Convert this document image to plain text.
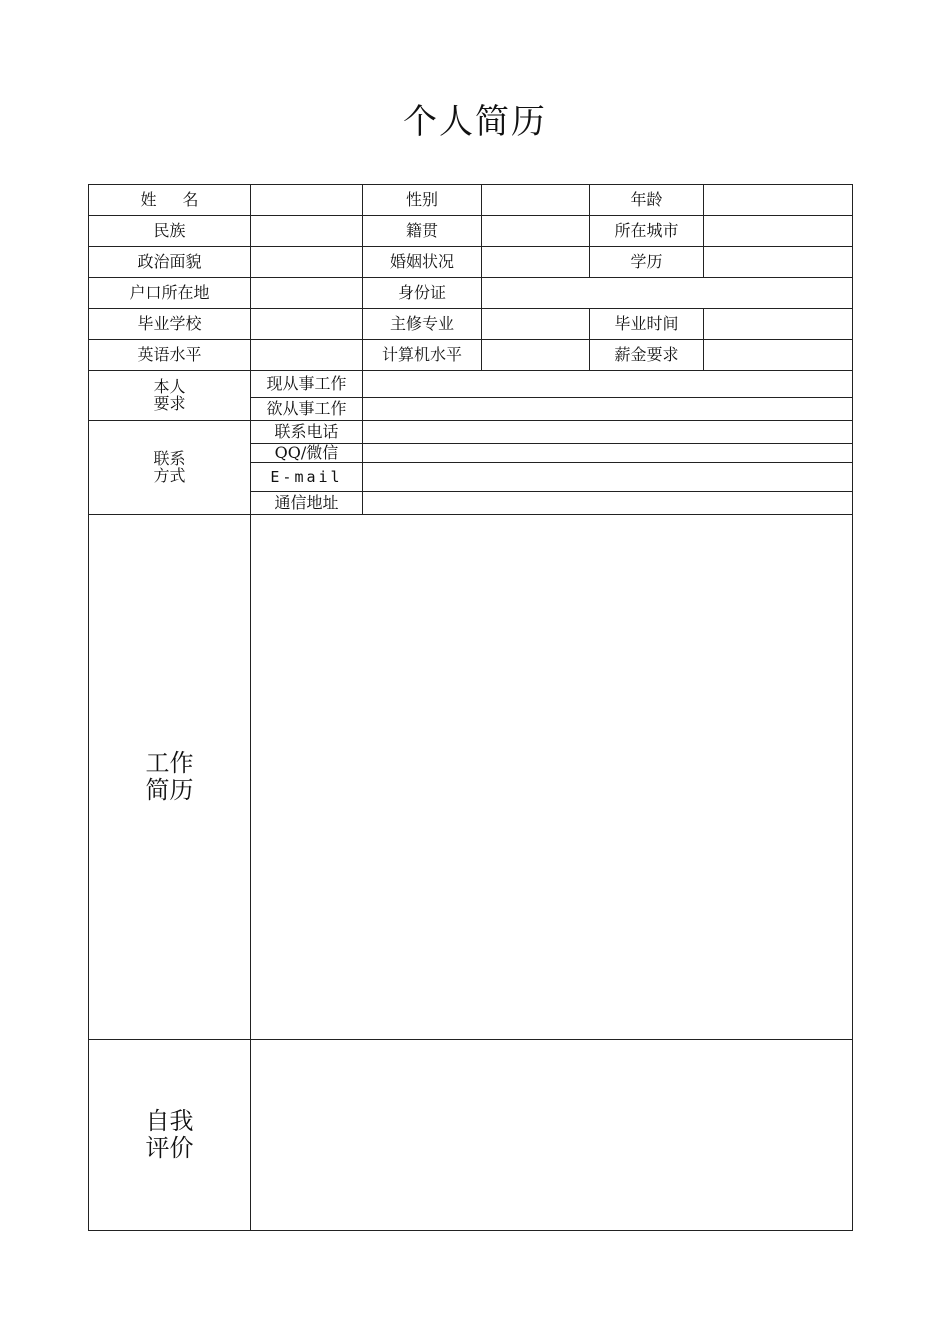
个人简历
姓名		性别		年龄	
民族		籍贯		所在城市	
政治面貌		婚姻状况		学历	
户口所在地		身份证			
毕业学校		主修专业		毕业时间	
英语水平		计算机水平		薪金要求	
本人
要求	现从事工作				
	欲从事工作				
联系
方式	联系电话				
	QQ/微信				
	E-mail				
	通信地址				
工作
简历					
自我
评价					
